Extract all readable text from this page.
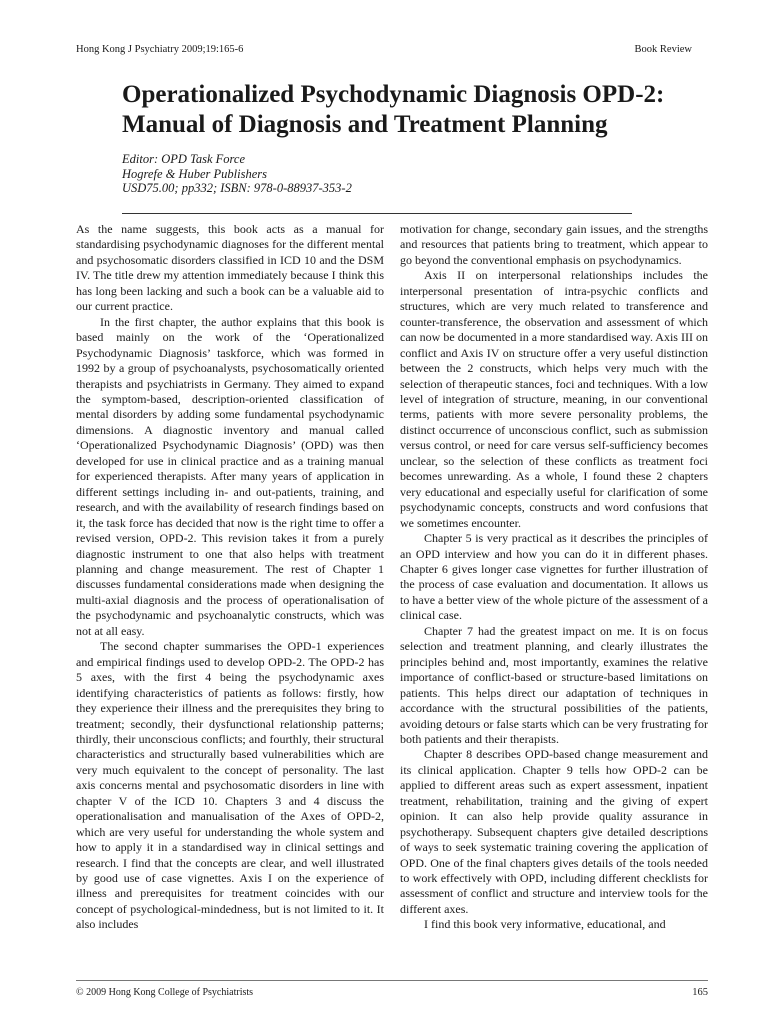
Hong Kong J Psychiatry 2009;19:165-6	Book Review
Operationalized Psychodynamic Diagnosis OPD-2: Manual of Diagnosis and Treatment Planning
Editor: OPD Task Force
Hogrefe & Huber Publishers
USD75.00; pp332; ISBN: 978-0-88937-353-2

As the name suggests, this book acts as a manual for standardising psychodynamic diagnoses for the different mental and psychosomatic disorders classified in ICD 10 and the DSM IV. The title drew my attention immediately because I think this has long been lacking and such a book can be a valuable aid to our current practice.

In the first chapter, the author explains that this book is based mainly on the work of the ‘Operationalized Psychodynamic Diagnosis’ taskforce, which was formed in 1992 by a group of psychoanalysts, psychosomatically oriented therapists and psychiatrists in Germany. They aimed to expand the symptom-based, description-oriented classification of mental disorders by adding some fundamental psychodynamic dimensions. A diagnostic inventory and manual called ‘Operationalized Psychodynamic Diagnosis’ (OPD) was then developed for use in clinical practice and as a training manual for experienced therapists. After many years of application in different settings including in- and out-patients, training, and research, and with the availability of research findings based on it, the task force has decided that now is the right time to offer a revised version, OPD-2. This revision takes it from a purely diagnostic instrument to one that also helps with treatment planning and change measurement. The rest of Chapter 1 discusses fundamental considerations made when designing the multi-axial diagnosis and the process of operationalisation of the psychodynamic and psychoanalytic constructs, which was not at all easy.

The second chapter summarises the OPD-1 experiences and empirical findings used to develop OPD-2. The OPD-2 has 5 axes, with the first 4 being the psychodynamic axes identifying characteristics of patients as follows: firstly, how they experience their illness and the prerequisites they bring to treatment; secondly, their dysfunctional relationship patterns; thirdly, their unconscious conflicts; and fourthly, their structural characteristics and structurally based vulnerabilities which are very much equivalent to the concept of personality. The last axis concerns mental and psychosomatic disorders in line with chapter V of the ICD 10. Chapters 3 and 4 discuss the operationalisation and manualisation of the Axes of OPD-2, which are very useful for understanding the whole system and how to apply it in a standardised way in clinical settings and research. I find that the concepts are clear, and well illustrated by good use of case vignettes. Axis I on the experience of illness and prerequisites for treatment coincides with our concept of psychological-mindedness, but is not limited to it. It also includes

motivation for change, secondary gain issues, and the strengths and resources that patients bring to treatment, which appear to go beyond the conventional emphasis on psychodynamics.

Axis II on interpersonal relationships includes the interpersonal presentation of intra-psychic conflicts and structures, which are very much related to transference and counter-transference, the observation and assessment of which can now be documented in a more standardised way. Axis III on conflict and Axis IV on structure offer a very useful distinction between the 2 constructs, which helps very much with the selection of therapeutic stances, foci and techniques. With a low level of integration of structure, meaning, in our conventional terms, patients with more severe personality problems, the distinct occurrence of unconscious conflict, such as submission versus control, or need for care versus self-sufficiency becomes unclear, so the selection of these conflicts as treatment foci becomes unrewarding. As a whole, I found these 2 chapters very educational and especially useful for clarification of some psychodynamic concepts, constructs and word confusions that we sometimes encounter.

Chapter 5 is very practical as it describes the principles of an OPD interview and how you can do it in different phases. Chapter 6 gives longer case vignettes for further illustration of the process of case evaluation and documentation. It allows us to have a better view of the whole picture of the assessment of a clinical case.

Chapter 7 had the greatest impact on me. It is on focus selection and treatment planning, and clearly illustrates the principles behind and, most importantly, examines the relative importance of conflict-based or structure-based limitations on patients. This helps direct our adaptation of techniques in accordance with the structural possibilities of the patients, avoiding detours or false starts which can be very frustrating for both patients and their therapists.

Chapter 8 describes OPD-based change measurement and its clinical application. Chapter 9 tells how OPD-2 can be applied to different areas such as expert assessment, inpatient treatment, rehabilitation, training and the giving of expert opinion. It can also help provide quality assurance in psychotherapy. Subsequent chapters give detailed descriptions of ways to seek systematic training covering the application of OPD. One of the final chapters gives details of the tools needed to work effectively with OPD, including different checklists for assessment of conflict and structure and interview tools for the different axes.

I find this book very informative, educational, and

© 2009 Hong Kong College of Psychiatrists	165
